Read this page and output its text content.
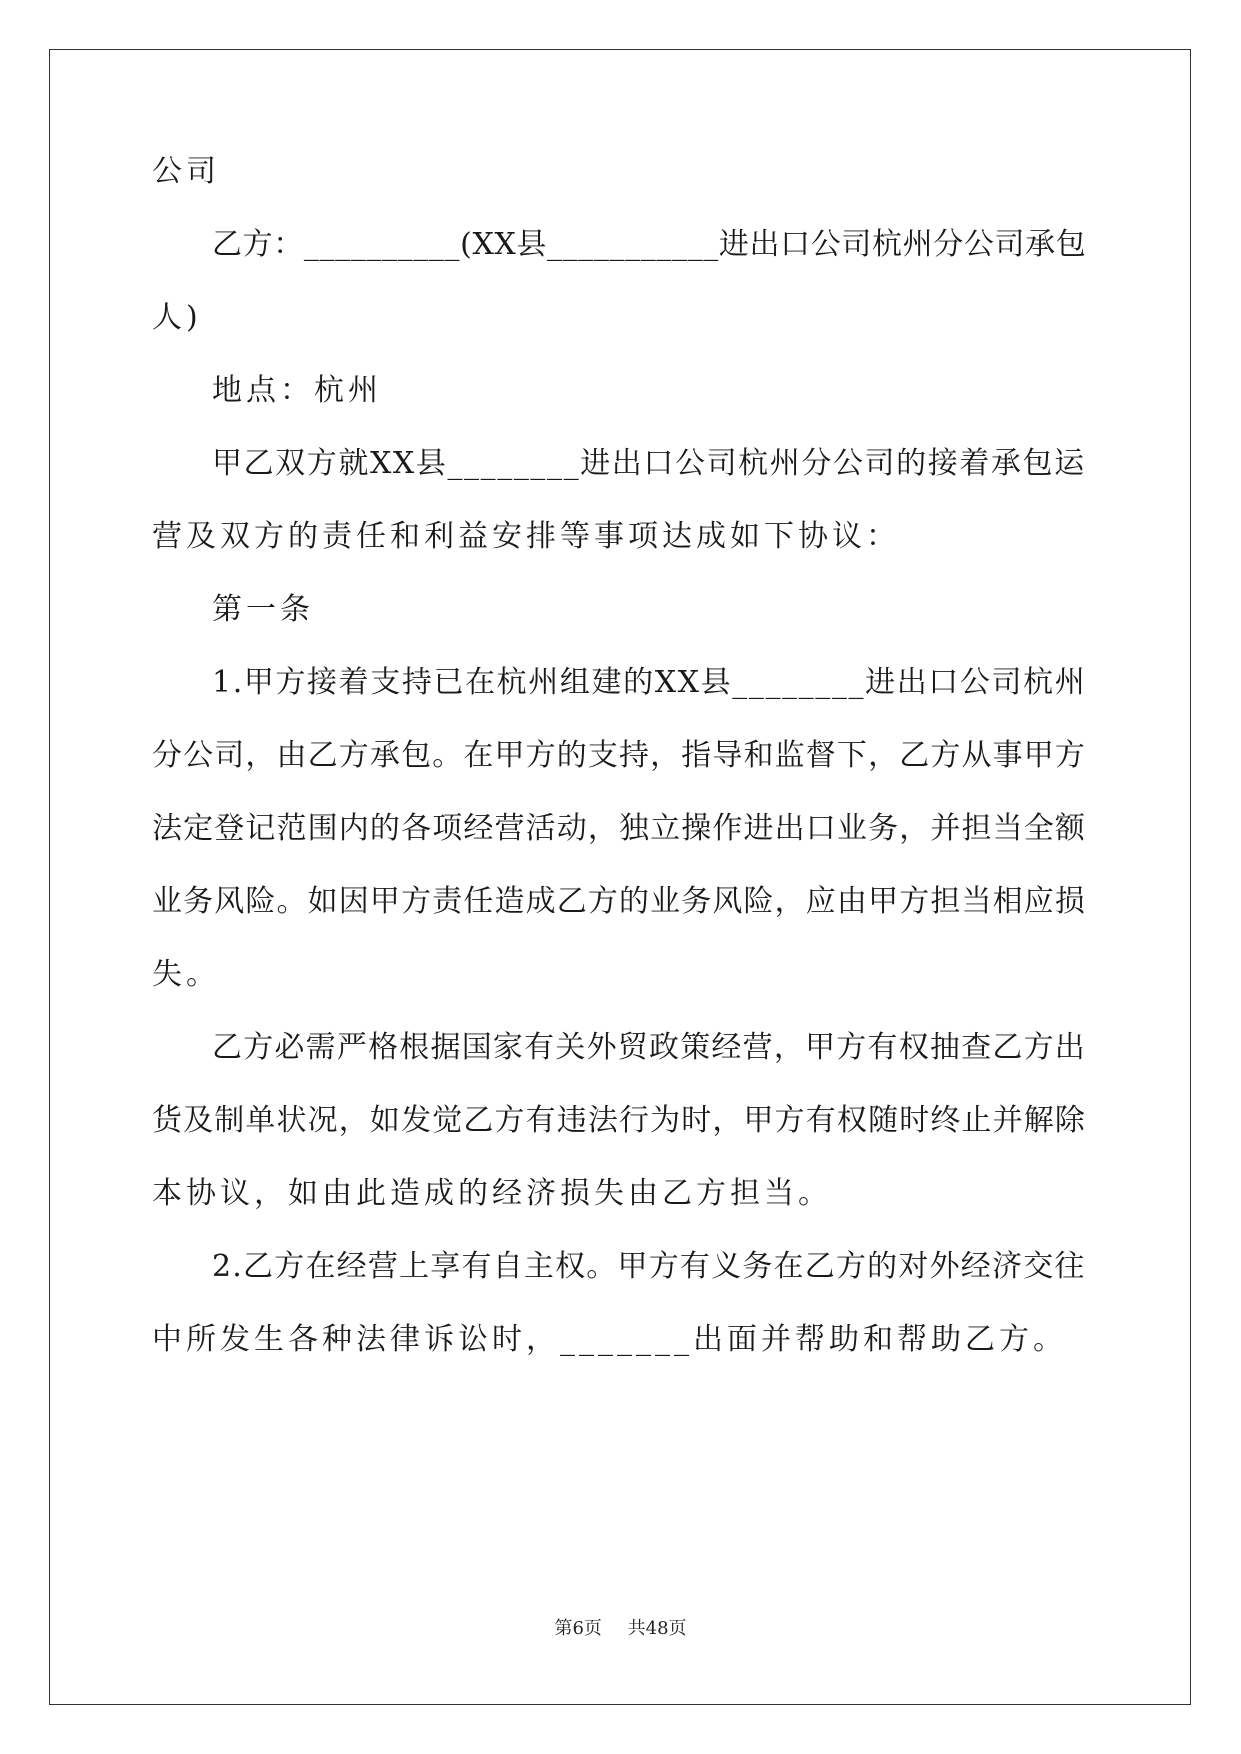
公司
乙方：__________(XX县___________进出口公司杭州分公司承包
人)
地点：杭州
甲乙双方就XX县________进出口公司杭州分公司的接着承包运
营及双方的责任和利益安排等事项达成如下协议：
第一条
1.甲方接着支持已在杭州组建的XX县________进出口公司杭州
分公司，由乙方承包。在甲方的支持，指导和监督下，乙方从事甲方
法定登记范围内的各项经营活动，独立操作进出口业务，并担当全额
业务风险。如因甲方责任造成乙方的业务风险，应由甲方担当相应损
失。
乙方必需严格根据国家有关外贸政策经营，甲方有权抽查乙方出
货及制单状况，如发觉乙方有违法行为时，甲方有权随时终止并解除
本协议，如由此造成的经济损失由乙方担当。
2.乙方在经营上享有自主权。甲方有义务在乙方的对外经济交往
中所发生各种法律诉讼时，_______出面并帮助和帮助乙方。
第6页 共48页
